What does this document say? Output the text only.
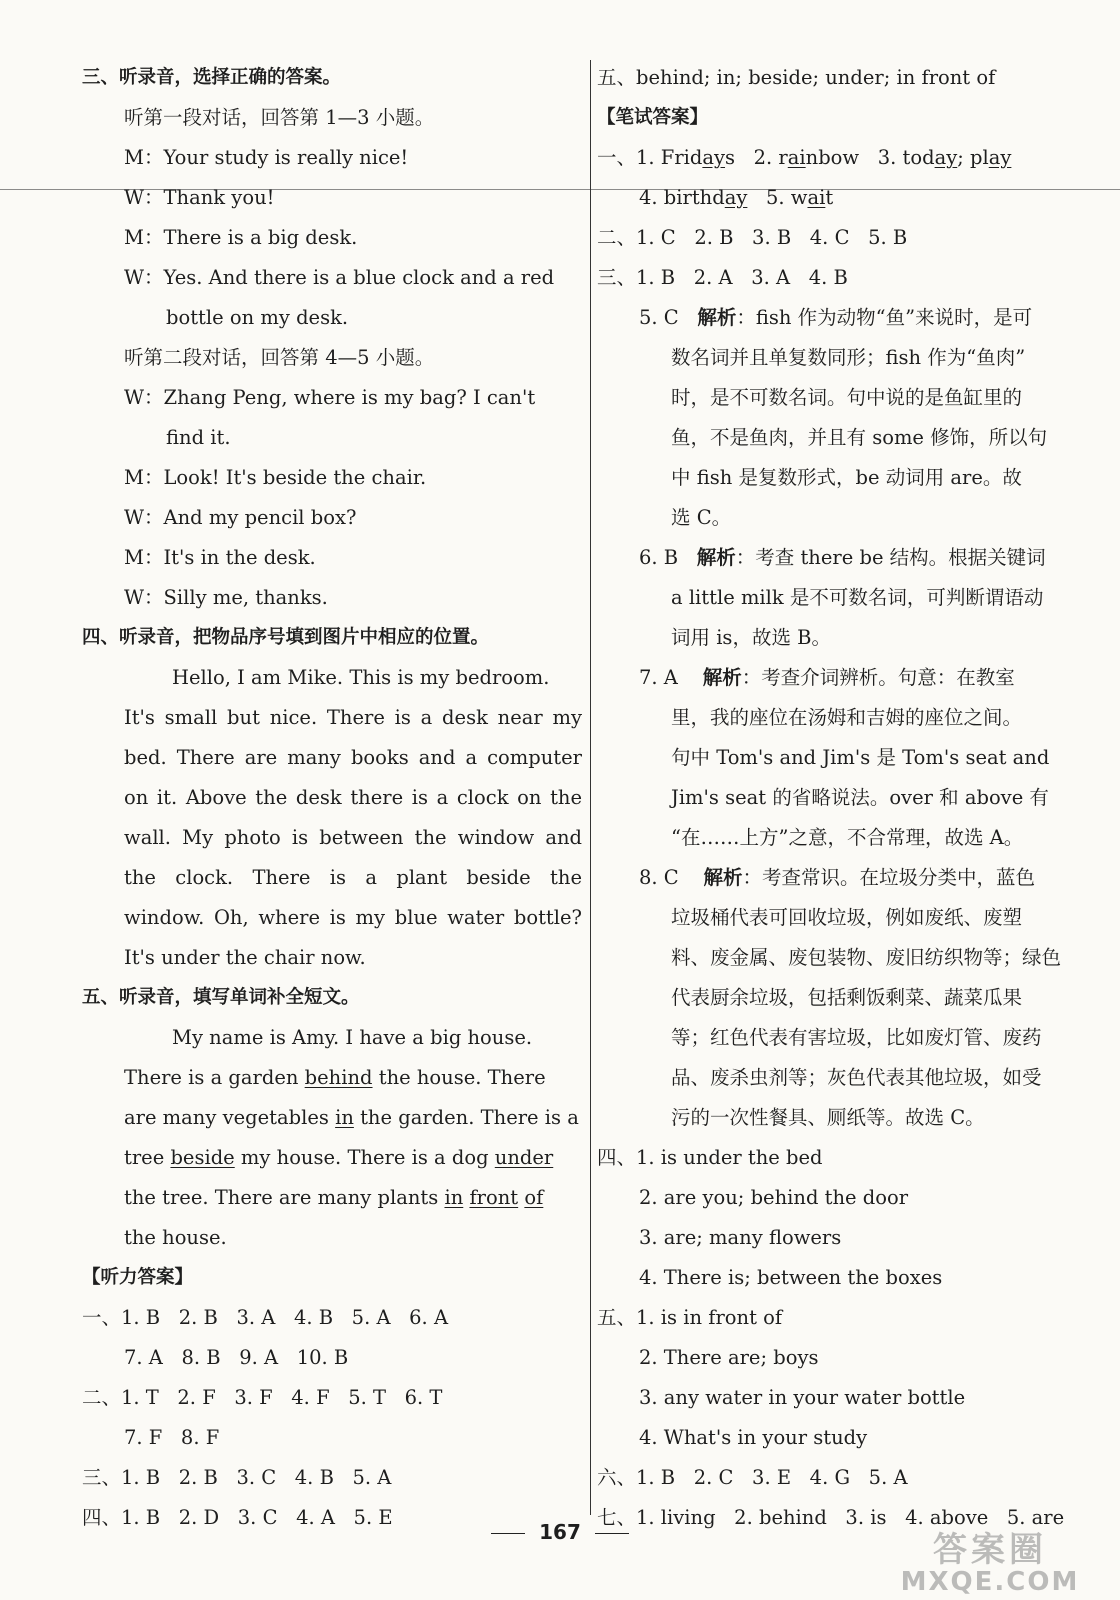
三、听录音，选择正确的答案。
听第一段对话，回答第 1—3 小题。
M：Your study is really nice!
W：Thank you!
M：There is a big desk.
W：Yes. And there is a blue clock and a red
bottle on my desk.
听第二段对话，回答第 4—5 小题。
W：Zhang Peng, where is my bag? I can't
find it.
M：Look! It's beside the chair.
W：And my pencil box?
M：It's in the desk.
W：Silly me, thanks.
四、听录音，把物品序号填到图片中相应的位置。
Hello, I am Mike. This is my bedroom.
It's small but nice. There is a desk near my
bed. There are many books and a computer
on it. Above the desk there is a clock on the
wall. My photo is between the window and
the clock. There is a plant beside the
window. Oh, where is my blue water bottle?
It's under the chair now.
五、听录音，填写单词补全短文。
My name is Amy. I have a big house.
There is a garden behind the house. There
are many vegetables in the garden. There is a
tree beside my house. There is a dog under
the tree. There are many plants in front of
the house.
【听力答案】
一、1. B   2. B   3. A   4. B   5. A   6. A
7. A   8. B   9. A   10. B
二、1. T   2. F   3. F   4. F   5. T   6. T
7. F   8. F
三、1. B   2. B   3. C   4. B   5. A
四、1. B   2. D   3. C   4. A   5. E
五、behind; in; beside; under; in front of
【笔试答案】
一、1. Fridays   2. rainbow   3. today; play
4. birthday   5. wait
二、1. C   2. B   3. B   4. C   5. B
三、1. B   2. A   3. A   4. B
5. C 解析：fish 作为动物“鱼”来说时，是可
数名词并且单复数同形；fish 作为“鱼肉”
时，是不可数名词。句中说的是鱼缸里的
鱼，不是鱼肉，并且有 some 修饰，所以句
中 fish 是复数形式，be 动词用 are。故
选 C。
6. B 解析：考查 there be 结构。根据关键词
a little milk 是不可数名词，可判断谓语动
词用 is，故选 B。
7. A 解析：考查介词辨析。句意：在教室
里，我的座位在汤姆和吉姆的座位之间。
句中 Tom's and Jim's 是 Tom's seat and
Jim's seat 的省略说法。over 和 above 有
“在……上方”之意，不合常理，故选 A。
8. C 解析：考查常识。在垃圾分类中，蓝色
垃圾桶代表可回收垃圾，例如废纸、废塑
料、废金属、废包装物、废旧纺织物等；绿色
代表厨余垃圾，包括剩饭剩菜、蔬菜瓜果
等；红色代表有害垃圾，比如废灯管、废药
品、废杀虫剂等；灰色代表其他垃圾，如受
污的一次性餐具、厕纸等。故选 C。
四、1. is under the bed
2. are you; behind the door
3. are; many flowers
4. There is; between the boxes
五、1. is in front of
2. There are; boys
3. any water in your water bottle
4. What's in your study
六、1. B   2. C   3. E   4. G   5. A
七、1. living   2. behind   3. is   4. above   5. are
167	答案圈
MXQE.COM
